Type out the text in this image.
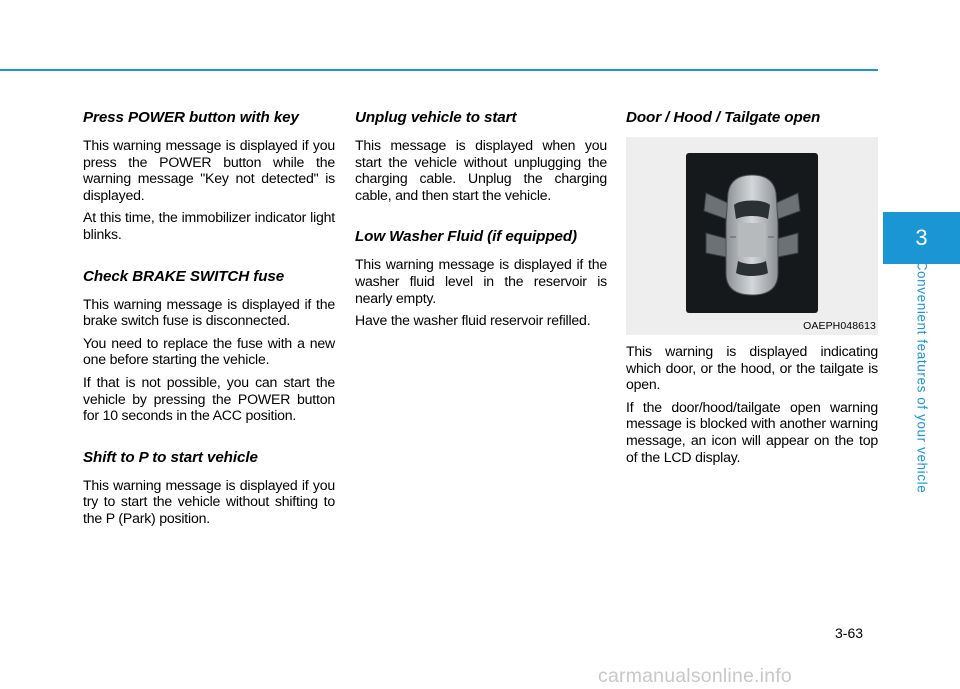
Press POWER button with key

This warning message is displayed if you press the POWER button while the warning message "Key not detected" is displayed.

At this time, the immobilizer indicator light blinks.

Check BRAKE SWITCH fuse

This warning message is displayed if the brake switch fuse is disconnected.

You need to replace the fuse with a new one before starting the vehicle.

If that is not possible, you can start the vehicle by pressing the POWER button for 10 seconds in the ACC position.

Shift to P to start vehicle

This warning message is displayed if you try to start the vehicle without shifting to the P (Park) position.

Unplug vehicle to start

This message is displayed when you start the vehicle without unplugging the charging cable. Unplug the charging cable, and then start the vehicle.

Low Washer Fluid (if equipped)

This warning message is displayed if the washer fluid level in the reservoir is nearly empty.

Have the washer fluid reservoir refilled.

Door / Hood / Tailgate open
OAEPH048613

This warning is displayed indicating which door, or the hood, or the tailgate is open.

If the door/hood/tailgate open warning message is blocked with another warning message, an icon will appear on the top of the LCD display.

3
Convenient features of your vehicle
3-63
carmanualsonline.info
